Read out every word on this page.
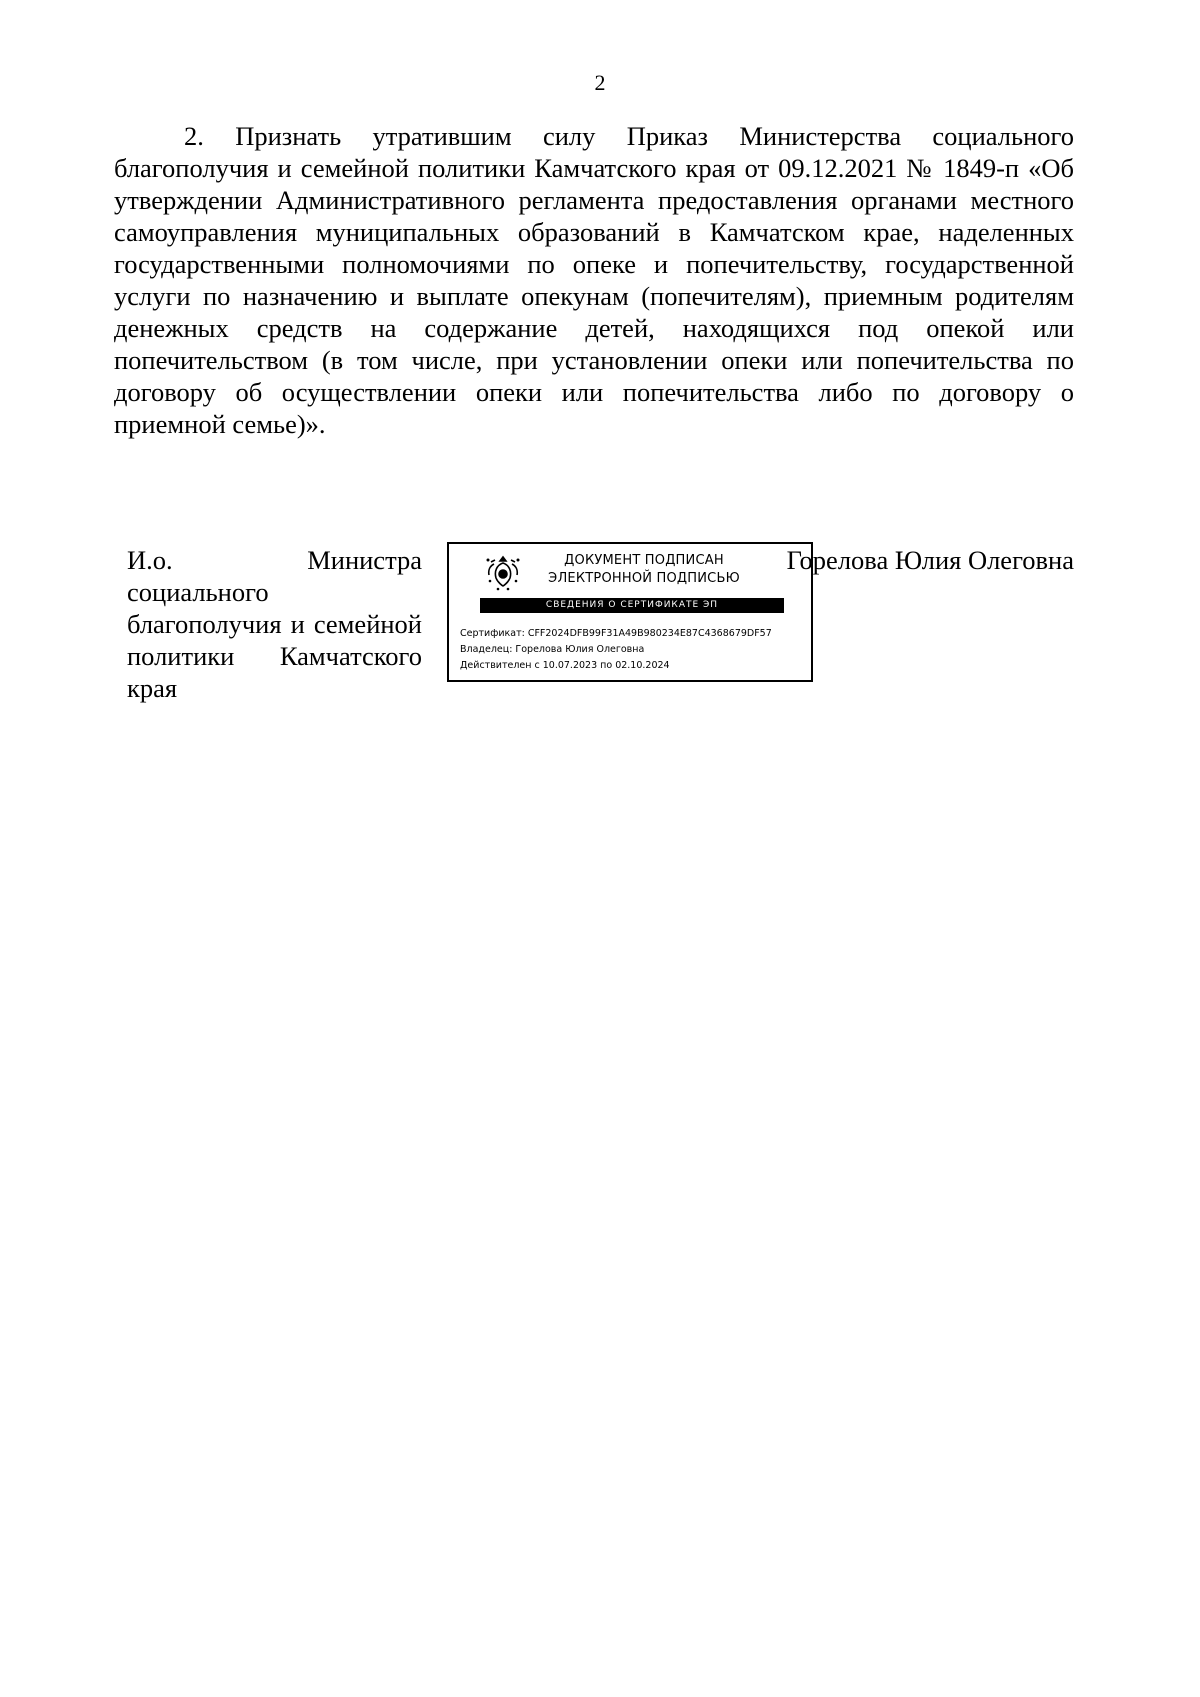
2

2. Признать утратившим силу Приказ Министерства социального благополучия и семейной политики Камчатского края от 09.12.2021 № 1849-п «Об утверждении Административного регламента предоставления органами местного самоуправления муниципальных образований в Камчатском крае, наделенных государственными полномочиями по опеке и попечительству, государственной услуги по назначению и выплате опекунам (попечителям), приемным родителям денежных средств на содержание детей, находящихся под опекой или попечительством (в том числе, при установлении опеки или попечительства по договору об осуществлении опеки или попечительства либо по договору о приемной семье)».

И.о. Министра социального благополучия и семейной политики Камчатского края

ДОКУМЕНТ ПОДПИСАН
ЭЛЕКТРОННОЙ ПОДПИСЬЮ
СВЕДЕНИЯ О СЕРТИФИКАТЕ ЭП
Сертификат: CFF2024DFB99F31A49B980234E87C4368679DF57
Владелец: Горелова Юлия Олеговна
Действителен с 10.07.2023 по 02.10.2024
Горелова Юлия Олеговна
